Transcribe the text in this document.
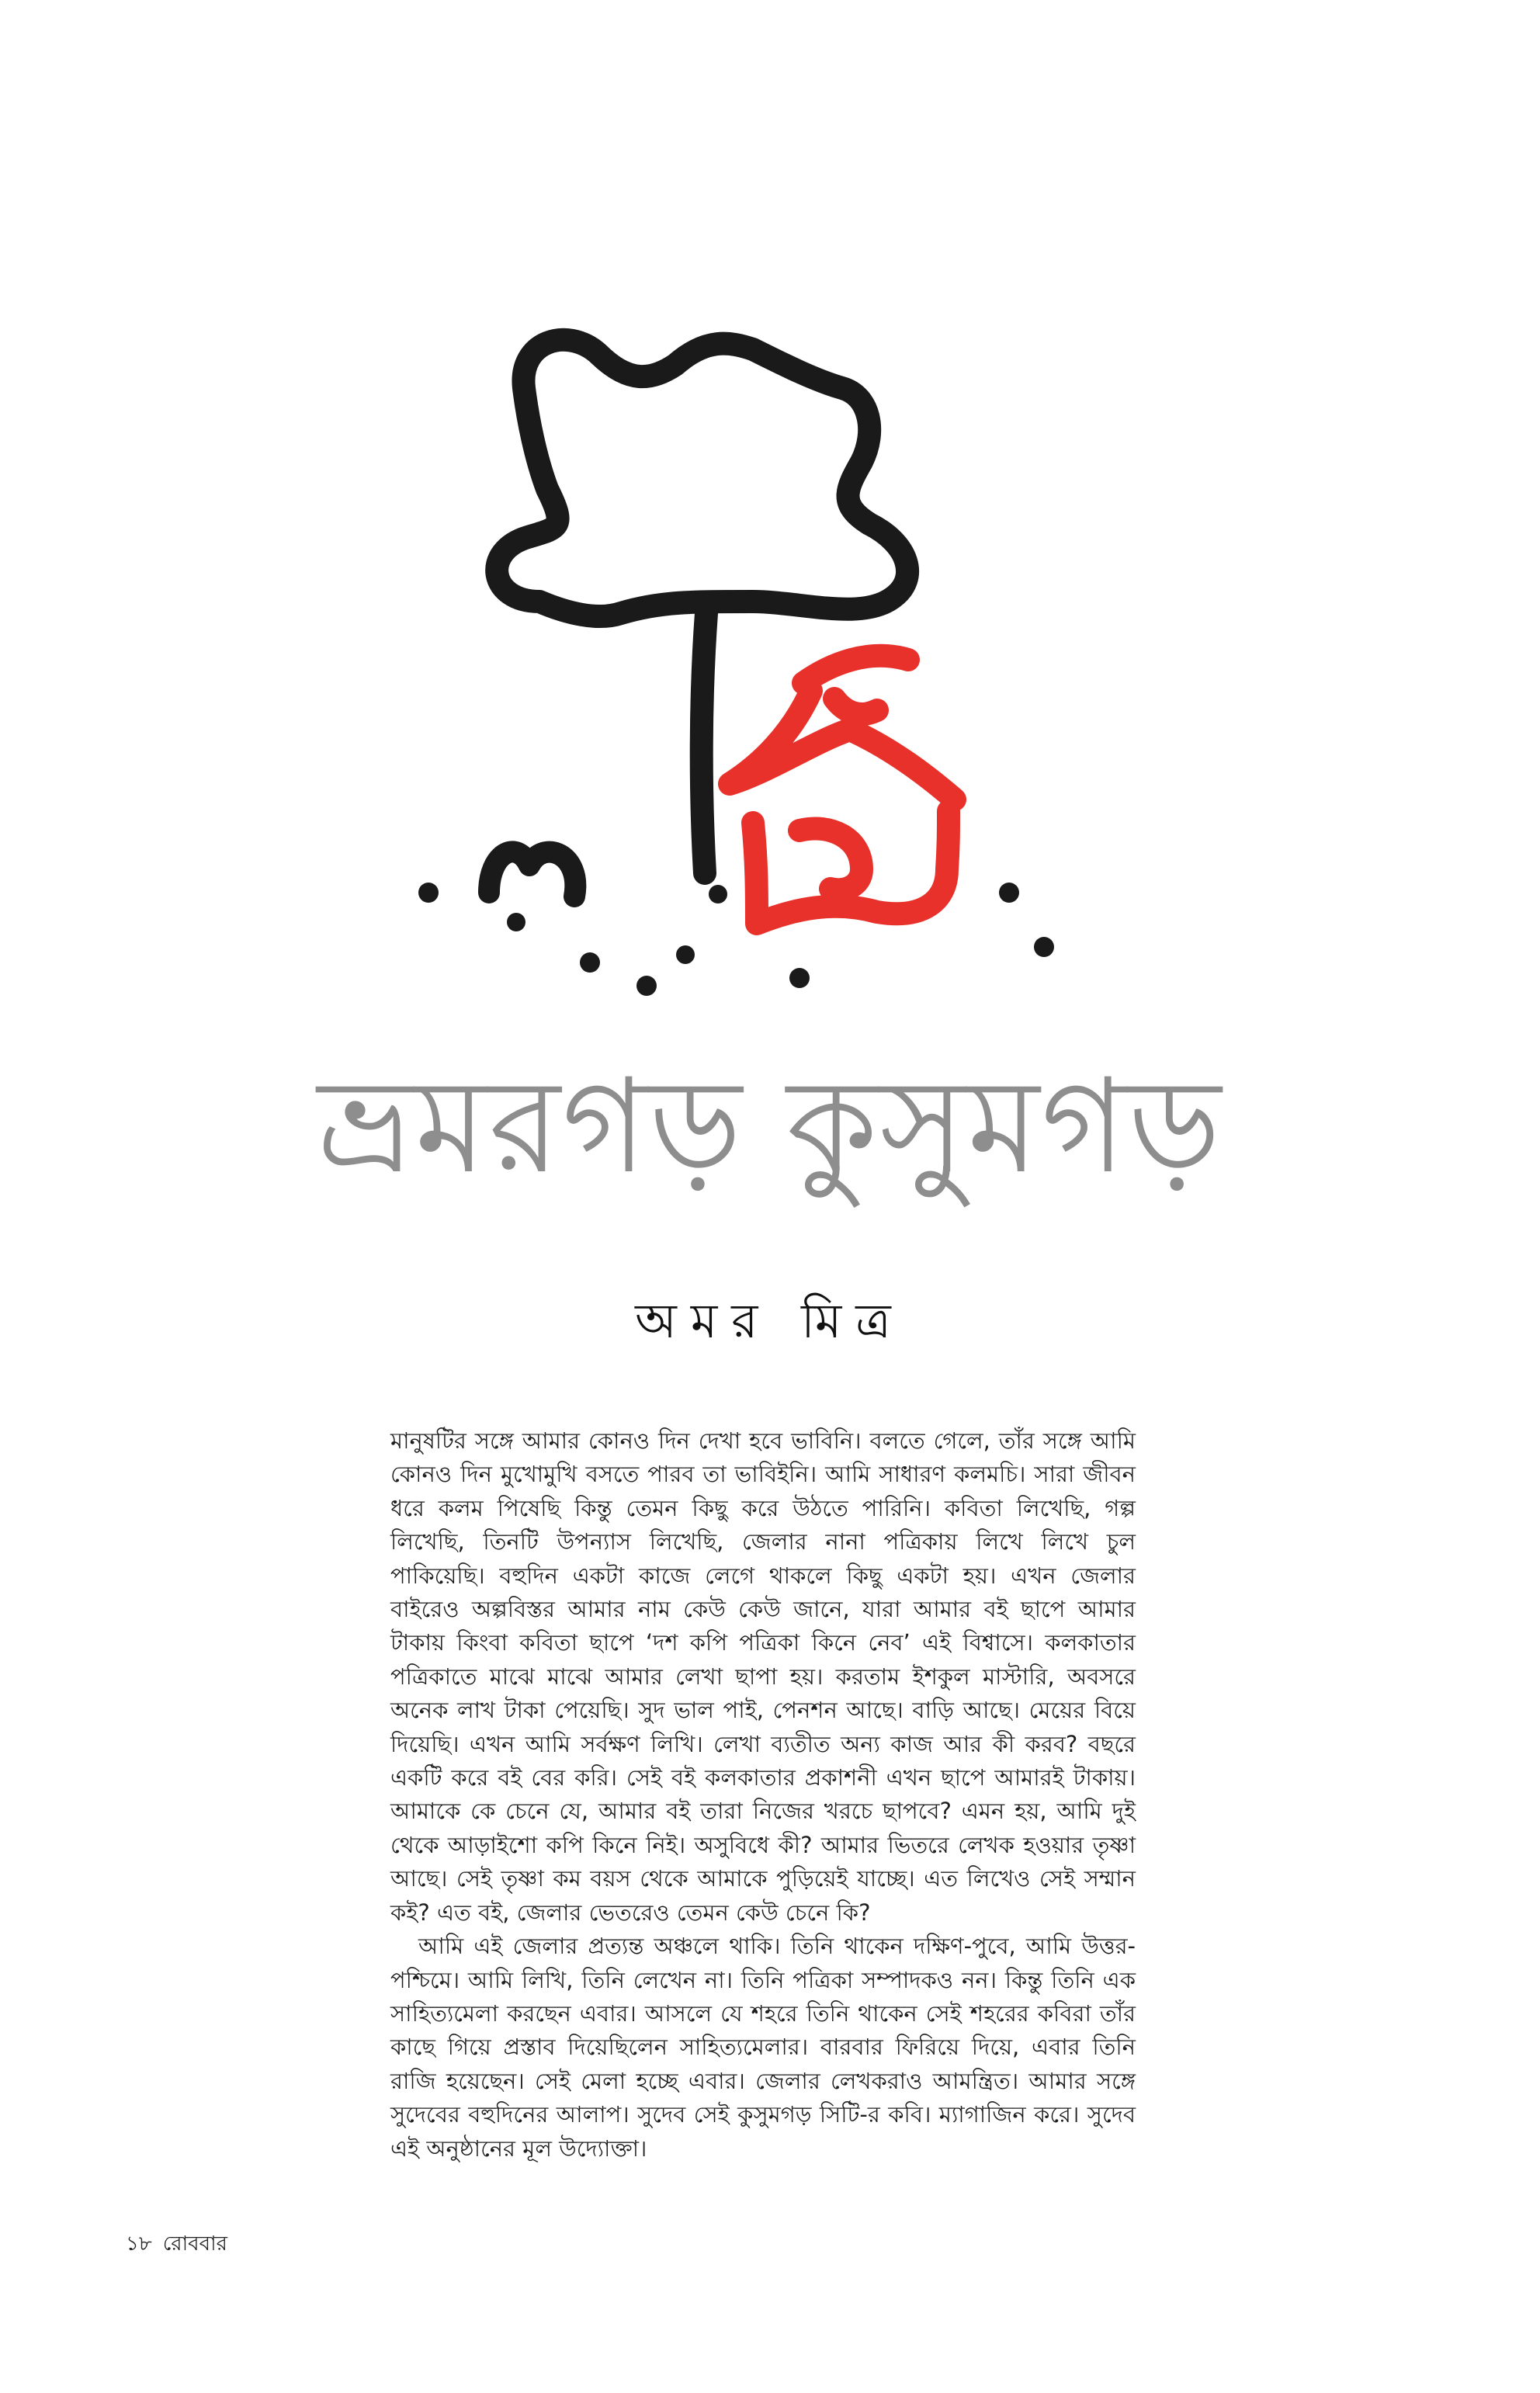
ভ্রমরগড় কুসুমগড়
অমর মিত্র

মানুষটির সঙ্গে আমার কোনও দিন দেখা হবে ভাবিনি। বলতে গেলে, তাঁর সঙ্গে আমি কোনও দিন মুখোমুখি বসতে পারব তা ভাবিইনি। আমি সাধারণ কলমচি। সারা জীবন ধরে কলম পিষেছি কিন্তু তেমন কিছু করে উঠতে পারিনি। কবিতা লিখেছি, গল্প লিখেছি, তিনটি উপন্যাস লিখেছি, জেলার নানা পত্রিকায় লিখে লিখে চুল পাকিয়েছি। বহুদিন একটা কাজে লেগে থাকলে কিছু একটা হয়। এখন জেলার বাইরেও অল্পবিস্তর আমার নাম কেউ কেউ জানে, যারা আমার বই ছাপে আমার টাকায় কিংবা কবিতা ছাপে ‘দশ কপি পত্রিকা কিনে নেব’ এই বিশ্বাসে। কলকাতার পত্রিকাতে মাঝে মাঝে আমার লেখা ছাপা হয়। করতাম ইশকুল মাস্টারি, অবসরে অনেক লাখ টাকা পেয়েছি। সুদ ভাল পাই, পেনশন আছে। বাড়ি আছে। মেয়ের বিয়ে দিয়েছি। এখন আমি সর্বক্ষণ লিখি। লেখা ব্যতীত অন্য কাজ আর কী করব? বছরে একটি করে বই বের করি। সেই বই কলকাতার প্রকাশনী এখন ছাপে আমারই টাকায়। আমাকে কে চেনে যে, আমার বই তারা নিজের খরচে ছাপবে? এমন হয়, আমি দুই থেকে আড়াইশো কপি কিনে নিই। অসুবিধে কী? আমার ভিতরে লেখক হওয়ার তৃষ্ণা আছে। সেই তৃষ্ণা কম বয়স থেকে আমাকে পুড়িয়েই যাচ্ছে। এত লিখেও সেই সম্মান কই? এত বই, জেলার ভেতরেও তেমন কেউ চেনে কি?

আমি এই জেলার প্রত্যন্ত অঞ্চলে থাকি। তিনি থাকেন দক্ষিণ-পুবে, আমি উত্তর-পশ্চিমে। আমি লিখি, তিনি লেখেন না। তিনি পত্রিকা সম্পাদকও নন। কিন্তু তিনি এক সাহিত্যমেলা করছেন এবার। আসলে যে শহরে তিনি থাকেন সেই শহরের কবিরা তাঁর কাছে গিয়ে প্রস্তাব দিয়েছিলেন সাহিত্যমেলার। বারবার ফিরিয়ে দিয়ে, এবার তিনি রাজি হয়েছেন। সেই মেলা হচ্ছে এবার। জেলার লেখকরাও আমন্ত্রিত। আমার সঙ্গে সুদেবের বহুদিনের আলাপ। সুদেব সেই কুসুমগড় সিটি-র কবি। ম্যাগাজিন করে। সুদেব এই অনুষ্ঠানের মূল উদ্যোক্তা।

১৮ রোববার
